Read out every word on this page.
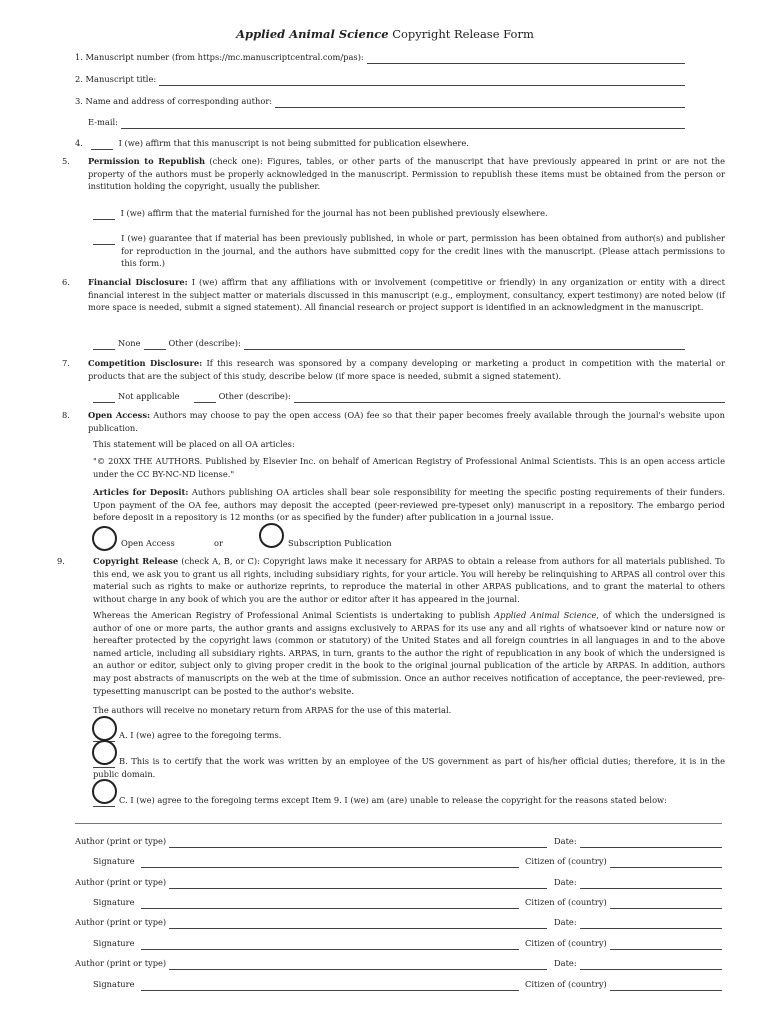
Applied Animal Science Copyright Release Form
1. Manuscript number (from https://mc.manuscriptcentral.com/pas):
2. Manuscript title:
3. Name and address of corresponding author:
E-mail:
4.	I (we) affirm that this manuscript is not being submitted for publication elsewhere.

5. Permission to Republish (check one): Figures, tables, or other parts of the manuscript that have previously appeared in print or are not the property of the authors must be properly acknowledged in the manuscript. Permission to republish these items must be obtained from the person or institution holding the copyright, usually the publisher.

I (we) affirm that the material furnished for the journal has not been published previously elsewhere.

I (we) guarantee that if material has been previously published, in whole or part, permission has been obtained from author(s) and publisher for reproduction in the journal, and the authors have submitted copy for the credit lines with the manuscript. (Please attach permissions to this form.)

6. Financial Disclosure: I (we) affirm that any affiliations with or involvement (competitive or friendly) in any organization or entity with a direct financial interest in the subject matter or materials discussed in this manuscript (e.g., employment, consultancy, expert testimony) are noted below (if more space is needed, submit a signed statement). All financial research or project support is identified in an acknowledgment in the manuscript.

None	Other (describe):

7. Competition Disclosure: If this research was sponsored by a company developing or marketing a product in competition with the material or products that are the subject of this study, describe below (if more space is needed, submit a signed statement).

Not applicable	Other (describe):

8. Open Access: Authors may choose to pay the open access (OA) fee so that their paper becomes freely available through the journal's website upon publication.

This statement will be placed on all OA articles:

"© 20XX THE AUTHORS. Published by Elsevier Inc. on behalf of American Registry of Professional Animal Scientists. This is an open access article under the CC BY-NC-ND license."

Articles for Deposit: Authors publishing OA articles shall bear sole responsibility for meeting the specific posting requirements of their funders. Upon payment of the OA fee, authors may deposit the accepted (peer-reviewed pre-typeset only) manuscript in a repository. The embargo period before deposit in a repository is 12 months (or as specified by the funder) after publication in a journal issue.

Open Access	or	Subscription Publication

9.	Copyright Release (check A, B, or C): Copyright laws make it necessary for ARPAS to obtain a release from authors for all materials published. To this end, we ask you to grant us all rights, including subsidiary rights, for your article. You will hereby be relinquishing to ARPAS all control over this material such as rights to make or authorize reprints, to reproduce the material in other ARPAS publications, and to grant the material to others without charge in any book of which you are the author or editor after it has appeared in the journal.

Whereas the American Registry of Professional Animal Scientists is undertaking to publish Applied Animal Science, of which the undersigned is author of one or more parts, the author grants and assigns exclusively to ARPAS for its use any and all rights of whatsoever kind or nature now or hereafter protected by the copyright laws (common or statutory) of the United States and all foreign countries in all languages in and to the above named article, including all subsidiary rights. ARPAS, in turn, grants to the author the right of republication in any book of which the undersigned is an author or editor, subject only to giving proper credit in the book to the original journal publication of the article by ARPAS. In addition, authors may post abstracts of manuscripts on the web at the time of submission. Once an author receives notification of acceptance, the peer-reviewed, pre-typesetting manuscript can be posted to the author's website.

The authors will receive no monetary return from ARPAS for the use of this material.

A. I (we) agree to the foregoing terms.

B. This is to certify that the work was written by an employee of the US government as part of his/her official duties; therefore, it is in the public domain.

C. I (we) agree to the foregoing terms except Item 9. I (we) am (are) unable to release the copyright for the reasons stated below:
Author (print or type)	Date:
Signature	Citizen of (country)
Author (print or type)	Date:
Signature	Citizen of (country)
Author (print or type)	Date:
Signature	Citizen of (country)
Author (print or type)	Date:
Signature	Citizen of (country)
